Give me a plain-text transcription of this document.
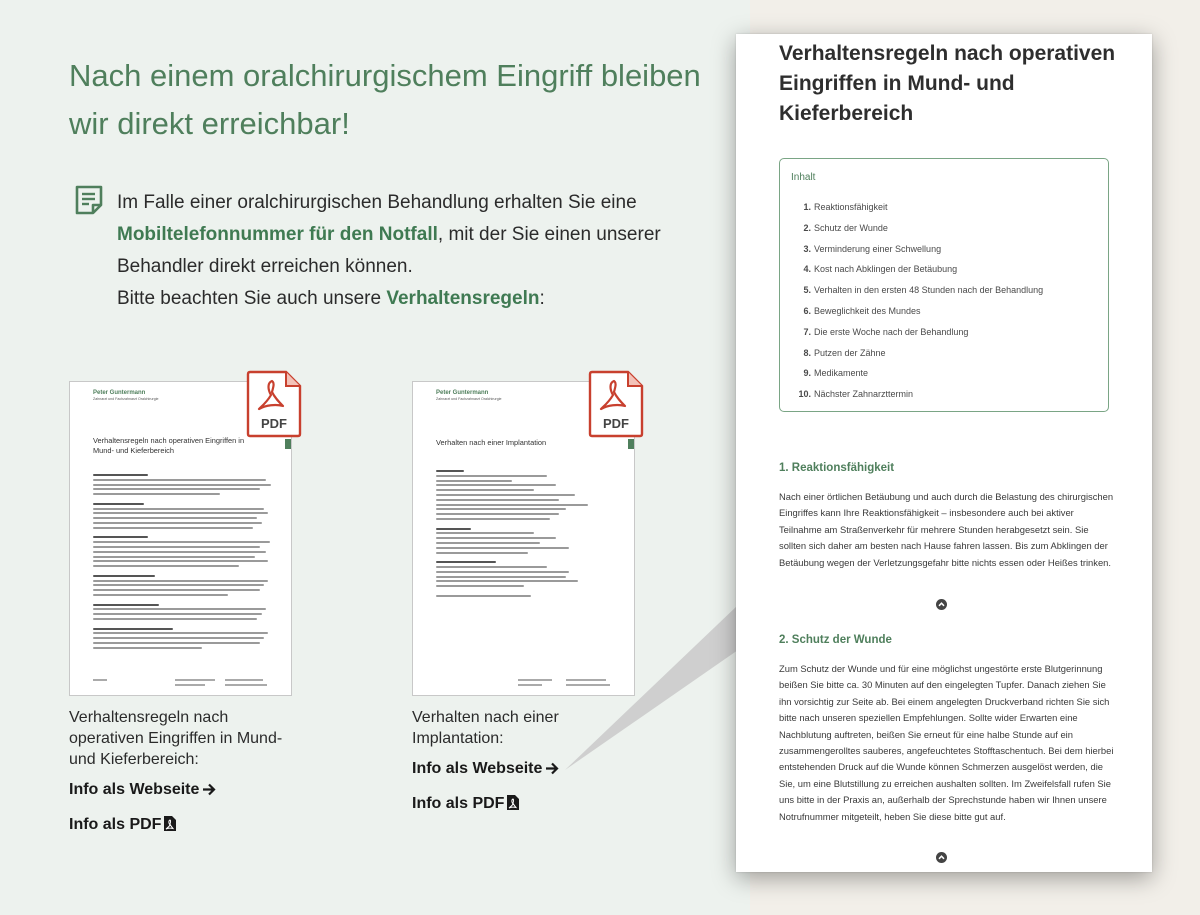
Nach einem oralchirurgischem Eingriff bleiben wir direkt erreichbar!
Im Falle einer oralchirurgischen Behandlung erhalten Sie eine Mobiltelefonnummer für den Notfall, mit der Sie einen unserer Behandler direkt erreichen können.
Bitte beachten Sie auch unsere Verhaltensregeln:
Peter Guntermann
Zahnarzt und Fachzahnarzt Oralchirurgie
Verhaltensregeln nach operativen Eingriffen in Mund- und Kieferbereich
Peter Guntermann
Zahnarzt und Fachzahnarzt Oralchirurgie
Verhalten nach einer Implantation
PDF	PDF
Verhaltensregeln nach operativen Eingriffen in Mund- und Kieferbereich:
Info als Webseite
Info als PDF
Verhalten nach einer Implantation:
Info als Webseite
Info als PDF
Verhaltensregeln nach operativen Eingriffen in Mund- und Kieferbereich
Inhalt
1. Reaktionsfähigkeit
2. Schutz der Wunde
3. Verminderung einer Schwellung
4. Kost nach Abklingen der Betäubung
5. Verhalten in den ersten 48 Stunden nach der Behandlung
6. Beweglichkeit des Mundes
7. Die erste Woche nach der Behandlung
8. Putzen der Zähne
9. Medikamente
10. Nächster Zahnarzttermin
1. Reaktionsfähigkeit

Nach einer örtlichen Betäubung und auch durch die Belastung des chirurgischen Eingriffes kann Ihre Reaktionsfähigkeit – insbesondere auch bei aktiver Teilnahme am Straßenverkehr für mehrere Stunden herabgesetzt sein. Sie sollten sich daher am besten nach Hause fahren lassen. Bis zum Abklingen der Betäubung wegen der Verletzungsgefahr bitte nichts essen oder Heißes trinken.

2. Schutz der Wunde

Zum Schutz der Wunde und für eine möglichst ungestörte erste Blutgerinnung beißen Sie bitte ca. 30 Minuten auf den eingelegten Tupfer. Danach ziehen Sie ihn vorsichtig zur Seite ab. Bei einem angelegten Druckverband richten Sie sich bitte nach unseren speziellen Empfehlungen. Sollte wider Erwarten eine Nachblutung auftreten, beißen Sie erneut für eine halbe Stunde auf ein zusammengerolltes sauberes, angefeuchtetes Stofftaschentuch. Bei dem hierbei entstehenden Druck auf die Wunde können Schmerzen ausgelöst werden, die Sie, um eine Blutstillung zu erreichen aushalten sollten. Im Zweifelsfall rufen Sie uns bitte in der Praxis an, außerhalb der Sprechstunde haben wir Ihnen unsere Notrufnummer mitgeteilt, heben Sie diese bitte gut auf.
